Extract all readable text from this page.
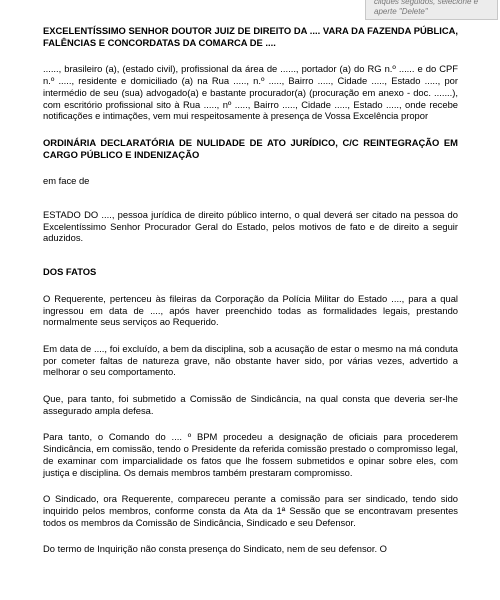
cliques seguidos, selecione e
aperte "Delete"

EXCELENTÍSSIMO SENHOR DOUTOR JUIZ DE DIREITO DA .... VARA DA FAZENDA PÚBLICA, FALÊNCIAS E CONCORDATAS DA COMARCA DE ....

......, brasileiro (a), (estado civil), profissional da área de ......, portador (a) do RG n.º ...... e do CPF n.º ....., residente e domiciliado (a) na Rua ....., n.º ....., Bairro ....., Cidade ....., Estado ....., por intermédio de seu (sua) advogado(a) e bastante procurador(a) (procuração em anexo - doc. .......), com escritório profissional sito à Rua ....., nº ....., Bairro ....., Cidade ....., Estado ....., onde recebe notificações e intimações, vem mui respeitosamente à presença de Vossa Excelência propor

ORDINÁRIA DECLARATÓRIA DE NULIDADE DE ATO JURÍDICO, C/C REINTEGRAÇÃO EM CARGO PÚBLICO E INDENIZAÇÃO

em face de

ESTADO DO ...., pessoa jurídica de direito público interno, o qual deverá ser citado na pessoa do Excelentíssimo Senhor Procurador Geral do Estado, pelos motivos de fato e de direito a seguir aduzidos.

DOS FATOS

O Requerente, pertenceu às fileiras da Corporação da Polícia Militar do Estado ...., para a qual ingressou em data de ...., após haver preenchido todas as formalidades legais, prestando normalmente seus serviços ao Requerido.

Em data de ...., foi excluído, a bem da disciplina, sob a acusação de estar o mesmo na má conduta por cometer faltas de natureza grave, não obstante haver sido, por várias vezes, advertido a melhorar o seu comportamento.

Que, para tanto, foi submetido a Comissão de Sindicância, na qual consta que deveria ser-lhe assegurado ampla defesa.

Para tanto, o Comando do .... º BPM procedeu a designação de oficiais para procederem Sindicância, em comissão, tendo o Presidente da referida comissão prestado o compromisso legal, de examinar com imparcialidade os fatos que lhe fossem submetidos e opinar sobre eles, com justiça e disciplina. Os demais membros também prestaram compromisso.

O Sindicado, ora Requerente, compareceu perante a comissão para ser sindicado, tendo sido inquirido pelos membros, conforme consta da Ata da 1ª Sessão que se encontravam presentes todos os membros da Comissão de Sindicância, Sindicado e seu Defensor.

Do termo de Inquirição não consta presença do Sindicato, nem de seu defensor. O
